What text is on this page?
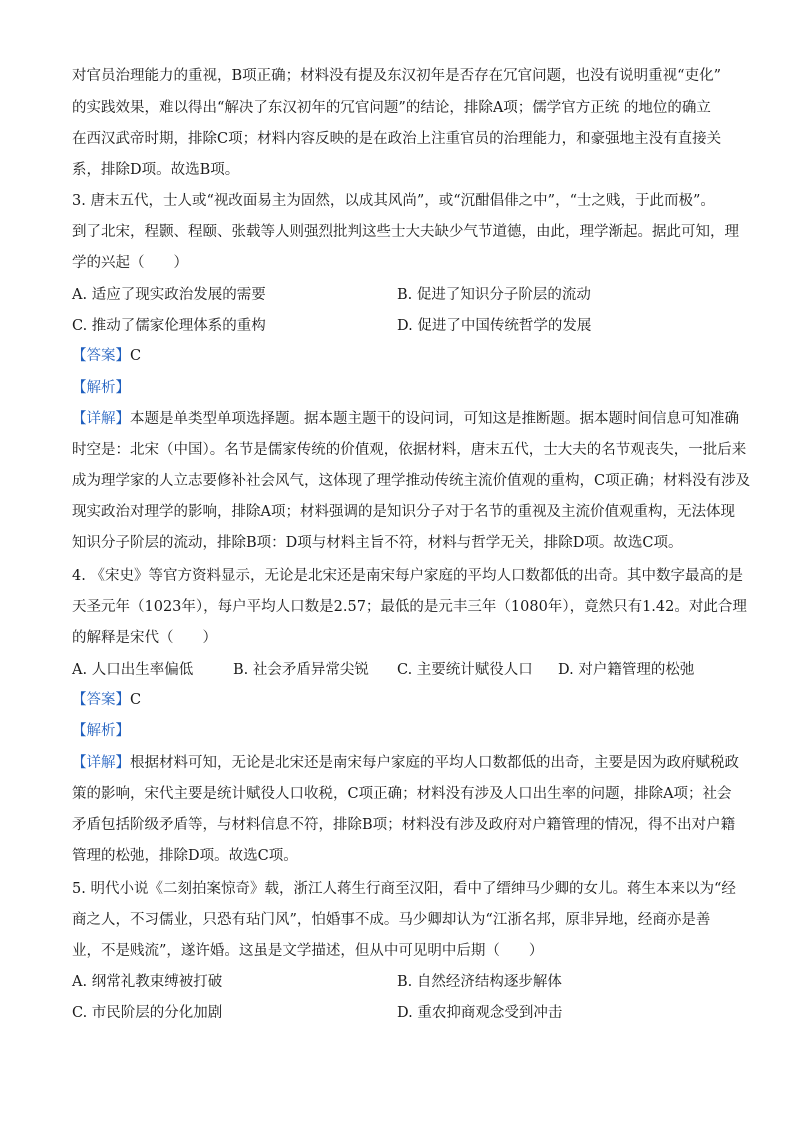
对官员治理能力的重视，B项正确；材料没有提及东汉初年是否存在冗官问题，也没有说明重视“吏化”
的实践效果，难以得出“解决了东汉初年的冗官问题”的结论，排除A项；儒学官方正统 的地位的确立
在西汉武帝时期，排除C项；材料内容反映的是在政治上注重官员的治理能力，和豪强地主没有直接关
系，排除D项。故选B项。
3. 唐末五代，士人或“视改面易主为固然，以成其风尚”，或“沉酣倡俳之中”，“士之贱，于此而极”。
到了北宋，程颢、程颐、张载等人则强烈批判这些士大夫缺少气节道德，由此，理学渐起。据此可知，理
学的兴起（　　）
A. 适应了现实政治发展的需要	B. 促进了知识分子阶层的流动
C. 推动了儒家伦理体系的重构	D. 促进了中国传统哲学的发展
【答案】C
【解析】
【详解】本题是单类型单项选择题。据本题主题干的设问词，可知这是推断题。据本题时间信息可知准确
时空是：北宋（中国）。名节是儒家传统的价值观，依据材料，唐末五代，士大夫的名节观丧失，一批后来
成为理学家的人立志要修补社会风气，这体现了理学推动传统主流价值观的重构，C项正确；材料没有涉及
现实政治对理学的影响，排除A项；材料强调的是知识分子对于名节的重视及主流价值观重构，无法体现
知识分子阶层的流动，排除B项：D项与材料主旨不符，材料与哲学无关，排除D项。故选C项。
4. 《宋史》等官方资料显示，无论是北宋还是南宋每户家庭的平均人口数都低的出奇。其中数字最高的是
天圣元年（1023年），每户平均人口数是2.57；最低的是元丰三年（1080年），竟然只有1.42。对此合理
的解释是宋代（　　）
A. 人口出生率偏低	B. 社会矛盾异常尖锐 C. 主要统计赋役人口 D. 对户籍管理的松弛
【答案】C
【解析】
【详解】根据材料可知，无论是北宋还是南宋每户家庭的平均人口数都低的出奇，主要是因为政府赋税政
策的影响，宋代主要是统计赋役人口收税，C项正确；材料没有涉及人口出生率的问题，排除A项；社会
矛盾包括阶级矛盾等，与材料信息不符，排除B项；材料没有涉及政府对户籍管理的情况，得不出对户籍
管理的松弛，排除D项。故选C项。
5. 明代小说《二刻拍案惊奇》载，浙江人蒋生行商至汉阳，看中了缙绅马少卿的女儿。蒋生本来以为“经
商之人，不习儒业，只恐有玷门风”，怕婚事不成。马少卿却认为“江浙名邦，原非异地，经商亦是善
业，不是贱流”，遂许婚。这虽是文学描述，但从中可见明中后期（　　）
A. 纲常礼教束缚被打破	B. 自然经济结构逐步解体
C. 市民阶层的分化加剧	D. 重农抑商观念受到冲击
